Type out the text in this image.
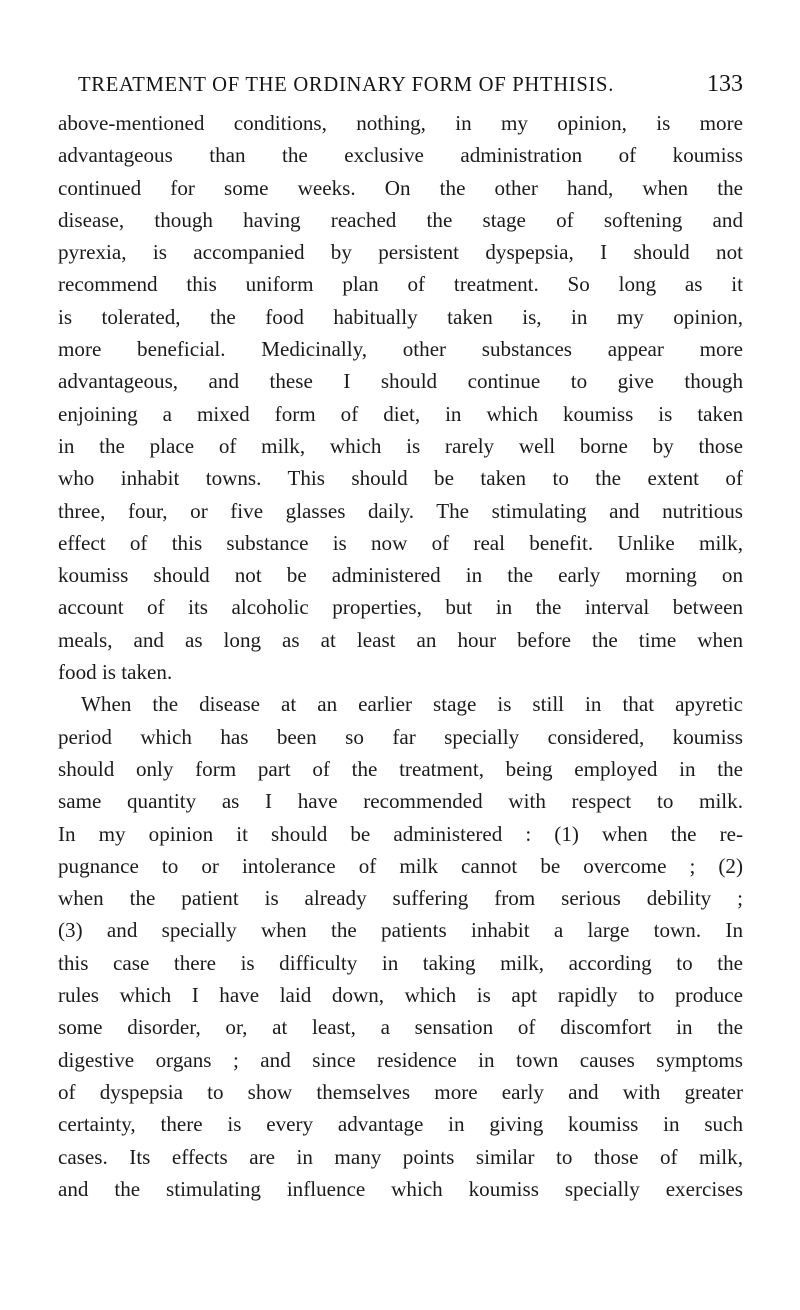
TREATMENT OF THE ORDINARY FORM OF PHTHISIS.	133
above-mentioned conditions, nothing, in my opinion, is more
advantageous than the exclusive administration of koumiss
continued for some weeks. On the other hand, when the
disease, though having reached the stage of softening and
pyrexia, is accompanied by persistent dyspepsia, I should not
recommend this uniform plan of treatment. So long as it
is tolerated, the food habitually taken is, in my opinion,
more beneficial. Medicinally, other substances appear more
advantageous, and these I should continue to give though
enjoining a mixed form of diet, in which koumiss is taken
in the place of milk, which is rarely well borne by those
who inhabit towns. This should be taken to the extent of
three, four, or five glasses daily. The stimulating and nutritious
effect of this substance is now of real benefit. Unlike milk,
koumiss should not be administered in the early morning on
account of its alcoholic properties, but in the interval between
meals, and as long as at least an hour before the time when
food is taken.
When the disease at an earlier stage is still in that apyretic
period which has been so far specially considered, koumiss
should only form part of the treatment, being employed in the
same quantity as I have recommended with respect to milk.
In my opinion it should be administered : (1) when the re-
pugnance to or intolerance of milk cannot be overcome ; (2)
when the patient is already suffering from serious debility ;
(3) and specially when the patients inhabit a large town. In
this case there is difficulty in taking milk, according to the
rules which I have laid down, which is apt rapidly to produce
some disorder, or, at least, a sensation of discomfort in the
digestive organs ; and since residence in town causes symptoms
of dyspepsia to show themselves more early and with greater
certainty, there is every advantage in giving koumiss in such
cases. Its effects are in many points similar to those of milk,
and the stimulating influence which koumiss specially exercises
